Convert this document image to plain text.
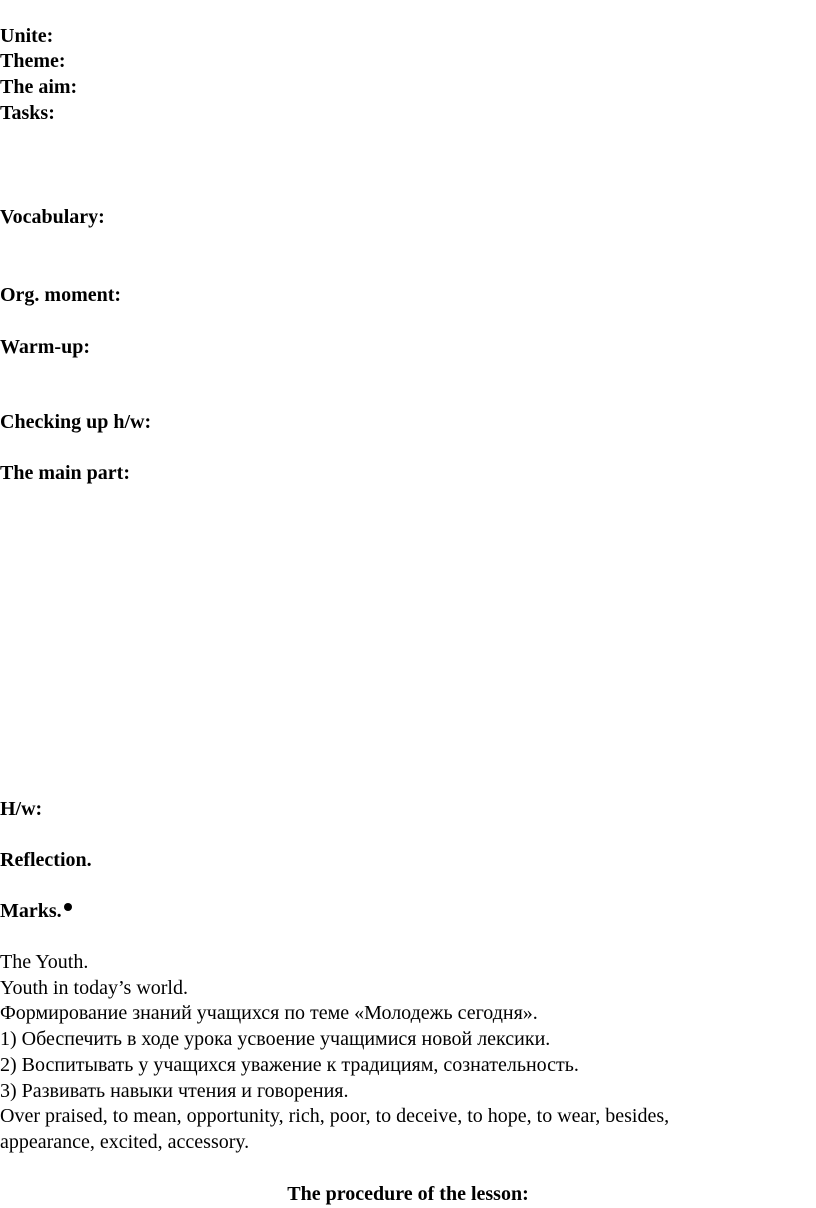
Unite:
Theme:
The aim:
Tasks:
Vocabulary:
Org. moment:
Warm-up:
Checking up h/w:
The main part:
H/w:
Reflection.
Marks.
The Youth.
Youth in today’s world.
Формирование знаний учащихся по теме «Молодежь сегодня».
1) Обеспечить в ходе урока усвоение учащимися новой лексики.
2) Воспитывать у учащихся уважение к традициям, сознательность.
3) Развивать навыки чтения и говорения.
Over praised, to mean, opportunity, rich, poor, to deceive, to hope, to wear, besides,
appearance, excited, accessory.
The procedure of the lesson:
